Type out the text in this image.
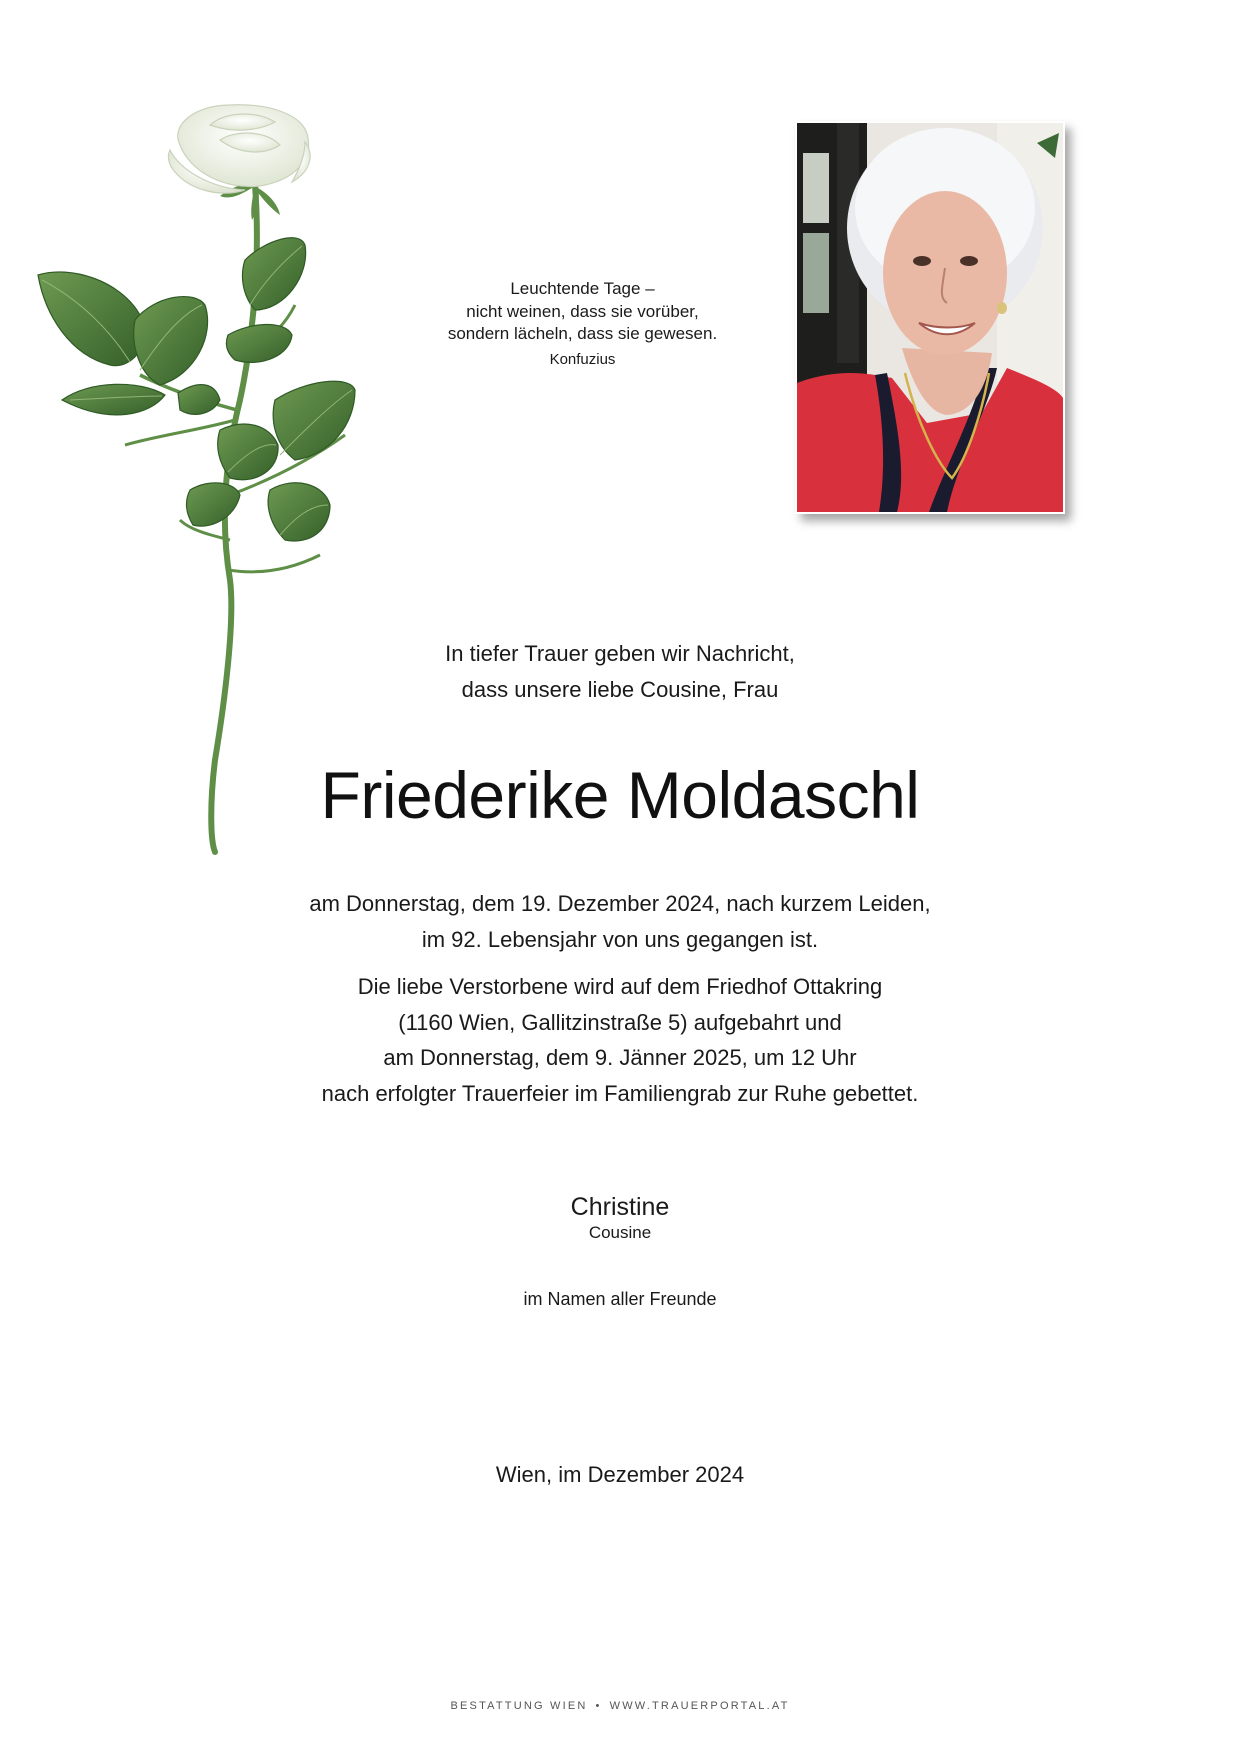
Leuchtende Tage –
nicht weinen, dass sie vorüber,
sondern lächeln, dass sie gewesen.
Konfuzius
In tiefer Trauer geben wir Nachricht,
dass unsere liebe Cousine, Frau
Friederike Moldaschl
am Donnerstag, dem 19. Dezember 2024, nach kurzem Leiden,
im 92. Lebensjahr von uns gegangen ist.
Die liebe Verstorbene wird auf dem Friedhof Ottakring
(1160 Wien, Gallitzinstraße 5) aufgebahrt und
am Donnerstag, dem 9. Jänner 2025, um 12 Uhr
nach erfolgter Trauerfeier im Familiengrab zur Ruhe gebettet.
Christine
Cousine
im Namen aller Freunde
Wien, im Dezember 2024
BESTATTUNG WIEN • WWW.TRAUERPORTAL.AT
